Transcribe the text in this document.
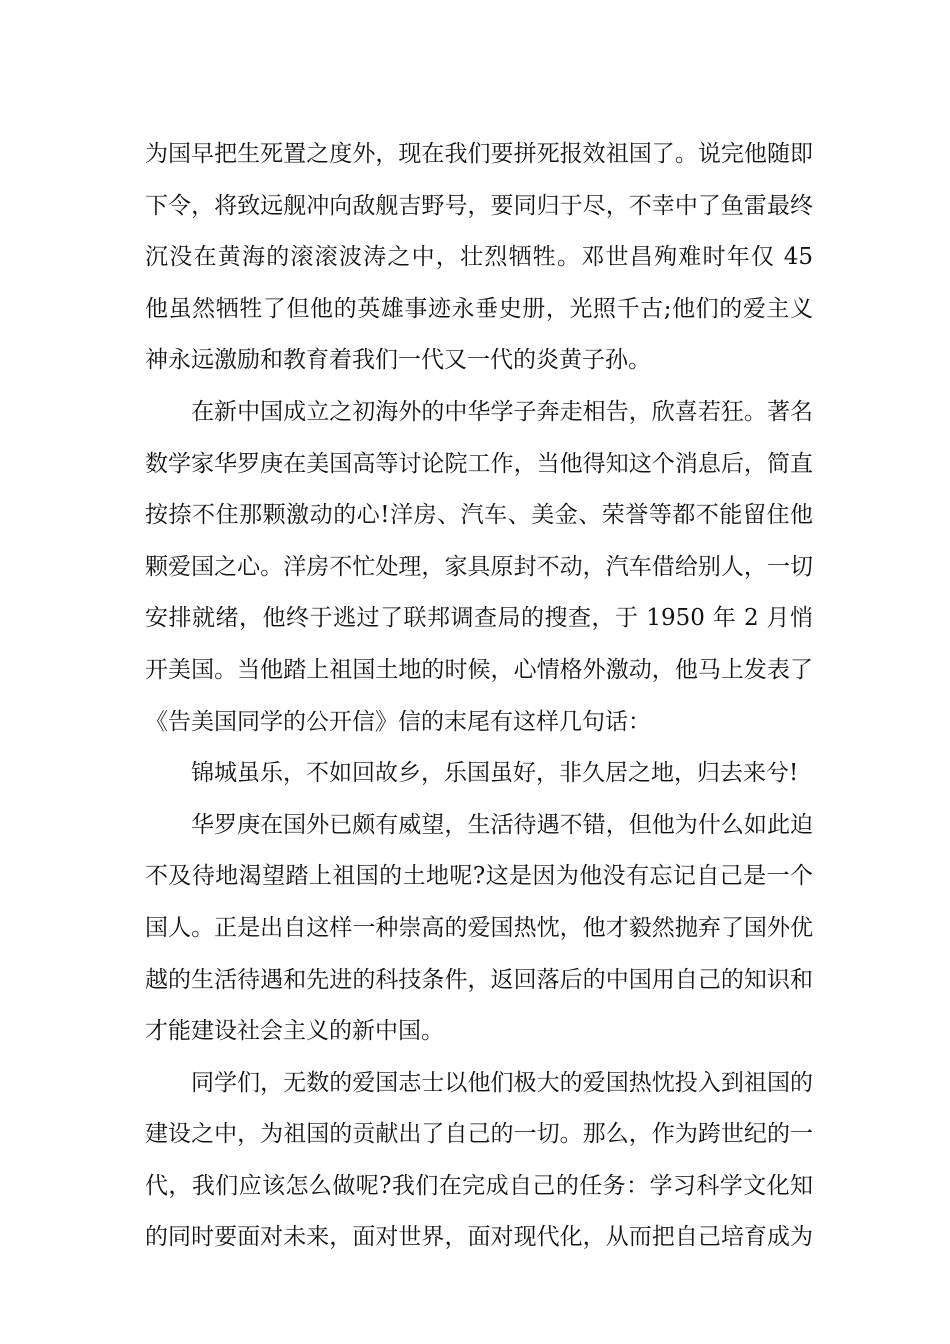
为国早把生死置之度外，现在我们要拼死报效祖国了。说完他随即
下令，将致远舰冲向敌舰吉野号，要同归于尽，不幸中了鱼雷最终
沉没在黄海的滚滚波涛之中，壮烈牺牲。邓世昌殉难时年仅 45
他虽然牺牲了但他的英雄事迹永垂史册，光照千古;他们的爱主义
神永远激励和教育着我们一代又一代的炎黄子孙。
在新中国成立之初海外的中华学子奔走相告，欣喜若狂。著名
数学家华罗庚在美国高等讨论院工作，当他得知这个消息后，简直
按捺不住那颗激动的心!洋房、汽车、美金、荣誉等都不能留住他
颗爱国之心。洋房不忙处理，家具原封不动，汽车借给别人，一切
安排就绪，他终于逃过了联邦调查局的搜查，于 1950 年 2 月悄
开美国。当他踏上祖国土地的时候，心情格外激动，他马上发表了
《告美国同学的公开信》信的末尾有这样几句话：
锦城虽乐，不如回故乡，乐国虽好，非久居之地，归去来兮!
华罗庚在国外已颇有威望，生活待遇不错，但他为什么如此迫
不及待地渴望踏上祖国的土地呢?这是因为他没有忘记自己是一个
国人。正是出自这样一种崇高的爱国热忱，他才毅然抛弃了国外优
越的生活待遇和先进的科技条件，返回落后的中国用自己的知识和
才能建设社会主义的新中国。
同学们，无数的爱国志士以他们极大的爱国热忱投入到祖国的
建设之中，为祖国的贡献出了自己的一切。那么，作为跨世纪的一
代，我们应该怎么做呢?我们在完成自己的任务：学习科学文化知
的同时要面对未来，面对世界，面对现代化，从而把自己培育成为
